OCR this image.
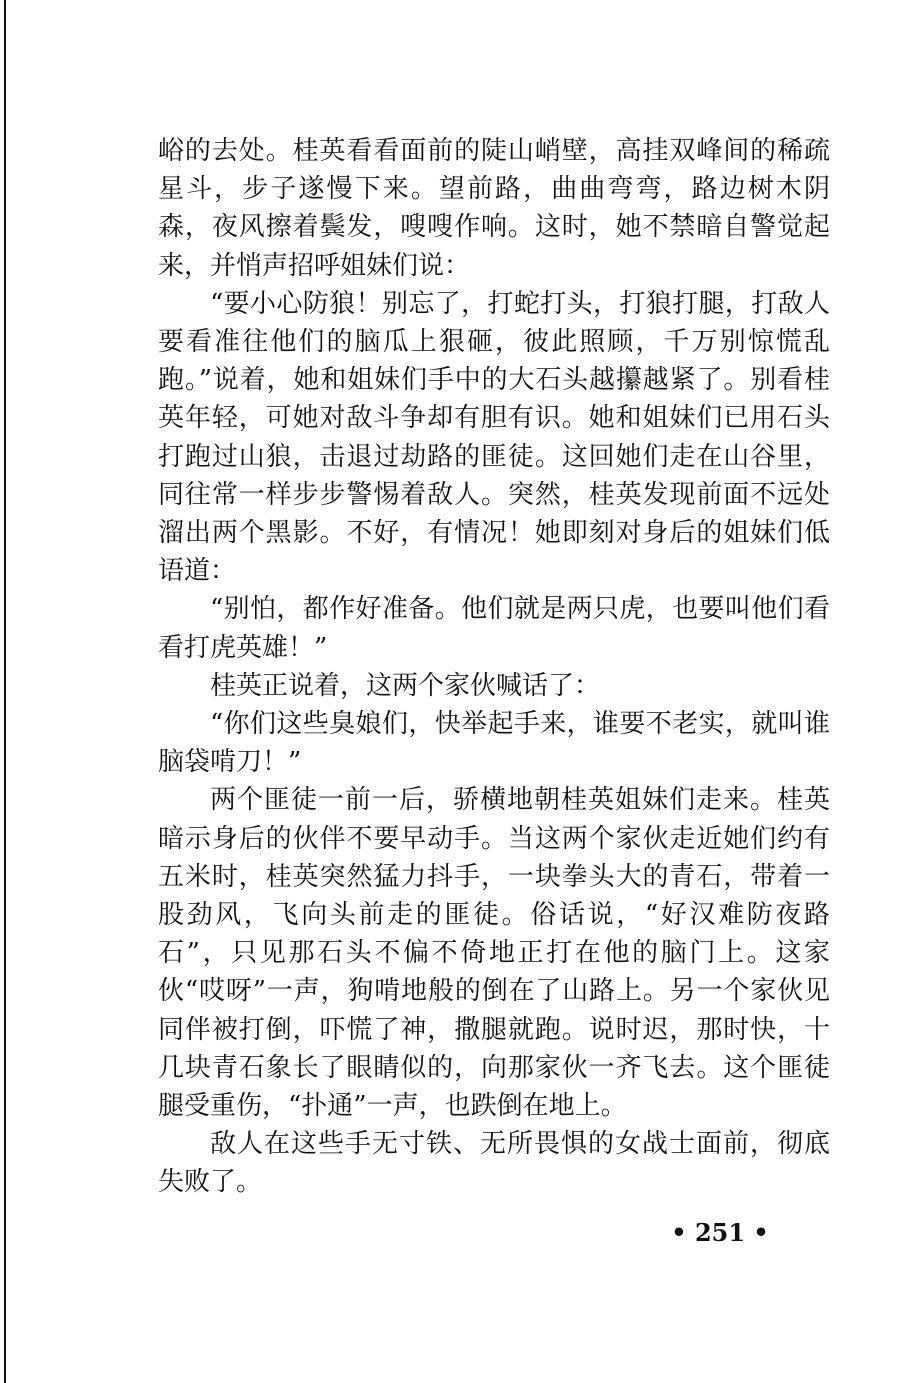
峪的去处。桂英看看面前的陡山峭壁，高挂双峰间的稀疏星斗，步子遂慢下来。望前路，曲曲弯弯，路边树木阴森，夜风擦着鬓发，嗖嗖作响。这时，她不禁暗自警觉起来，并悄声招呼姐妹们说：

“要小心防狼！别忘了，打蛇打头，打狼打腿，打敌人要看准往他们的脑瓜上狠砸，彼此照顾，千万别惊慌乱跑。”说着，她和姐妹们手中的大石头越攥越紧了。别看桂英年轻，可她对敌斗争却有胆有识。她和姐妹们已用石头打跑过山狼，击退过劫路的匪徒。这回她们走在山谷里，同往常一样步步警惕着敌人。突然，桂英发现前面不远处溜出两个黑影。不好，有情况！她即刻对身后的姐妹们低语道：

“别怕，都作好准备。他们就是两只虎，也要叫他们看看打虎英雄！”

桂英正说着，这两个家伙喊话了：

“你们这些臭娘们，快举起手来，谁要不老实，就叫谁脑袋啃刀！”

两个匪徒一前一后，骄横地朝桂英姐妹们走来。桂英暗示身后的伙伴不要早动手。当这两个家伙走近她们约有五米时，桂英突然猛力抖手，一块拳头大的青石，带着一股劲风，飞向头前走的匪徒。俗话说，“好汉难防夜路石”，只见那石头不偏不倚地正打在他的脑门上。这家伙“哎呀”一声，狗啃地般的倒在了山路上。另一个家伙见同伴被打倒，吓慌了神，撒腿就跑。说时迟，那时快，十几块青石象长了眼睛似的，向那家伙一齐飞去。这个匪徒腿受重伤，“扑通”一声，也跌倒在地上。

敌人在这些手无寸铁、无所畏惧的女战士面前，彻底失败了。

• 251 •
